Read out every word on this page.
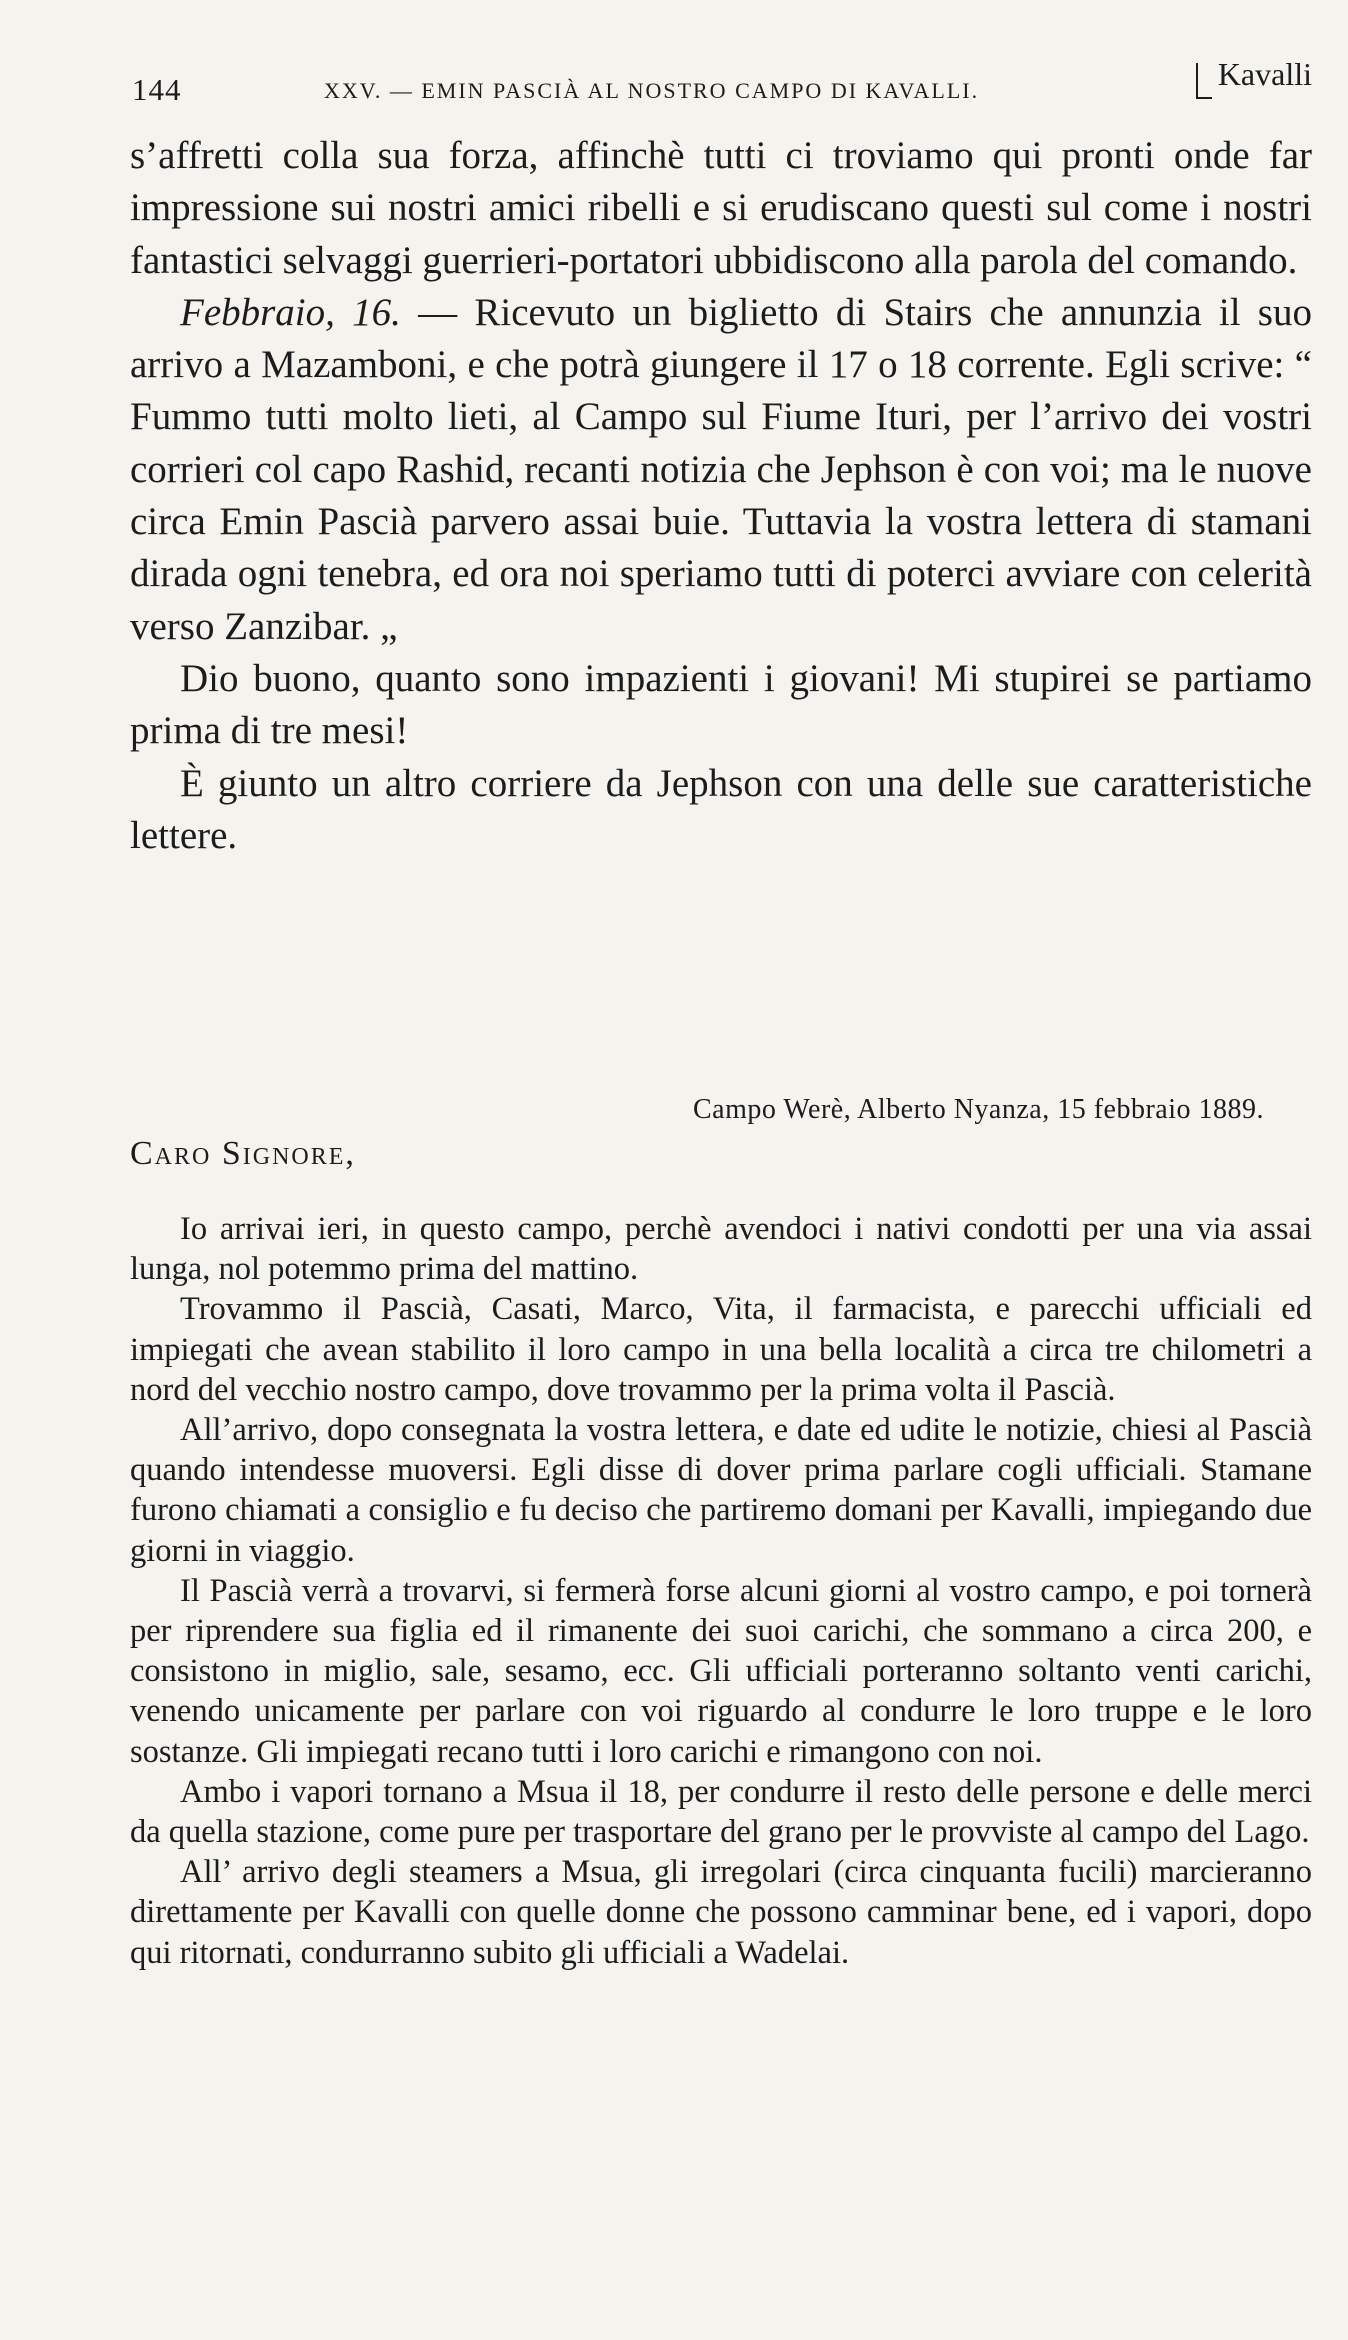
144	XXV. — EMIN PASCIÀ AL NOSTRO CAMPO DI KAVALLI.	Kavalli

s’affretti colla sua forza, affinchè tutti ci troviamo qui pronti onde far impressione sui nostri amici ribelli e si erudiscano questi sul come i nostri fantastici selvaggi guerrieri-portatori ubbidiscono alla parola del comando.

Febbraio, 16. — Ricevuto un biglietto di Stairs che annunzia il suo arrivo a Mazamboni, e che potrà giungere il 17 o 18 corrente. Egli scrive: “ Fummo tutti molto lieti, al Campo sul Fiume Ituri, per l’arrivo dei vostri corrieri col capo Rashid, recanti notizia che Jephson è con voi; ma le nuove circa Emin Pascià parvero assai buie. Tuttavia la vostra lettera di stamani dirada ogni tenebra, ed ora noi speriamo tutti di poterci avviare con celerità verso Zanzibar. „

Dio buono, quanto sono impazienti i giovani! Mi stupirei se partiamo prima di tre mesi!

È giunto un altro corriere da Jephson con una delle sue caratteristiche lettere.

Campo Werè, Alberto Nyanza, 15 febbraio 1889.
Caro Signore,

Io arrivai ieri, in questo campo, perchè avendoci i nativi condotti per una via assai lunga, nol potemmo prima del mattino.

Trovammo il Pascià, Casati, Marco, Vita, il farmacista, e parecchi ufficiali ed impiegati che avean stabilito il loro campo in una bella località a circa tre chilometri a nord del vecchio nostro campo, dove trovammo per la prima volta il Pascià.

All’arrivo, dopo consegnata la vostra lettera, e date ed udite le notizie, chiesi al Pascià quando intendesse muoversi. Egli disse di dover prima parlare cogli ufficiali. Stamane furono chiamati a consiglio e fu deciso che partiremo domani per Kavalli, impiegando due giorni in viaggio.

Il Pascià verrà a trovarvi, si fermerà forse alcuni giorni al vostro campo, e poi tornerà per riprendere sua figlia ed il rimanente dei suoi carichi, che sommano a circa 200, e consistono in miglio, sale, sesamo, ecc. Gli ufficiali porteranno soltanto venti carichi, venendo unicamente per parlare con voi riguardo al condurre le loro truppe e le loro sostanze. Gli impiegati recano tutti i loro carichi e rimangono con noi.

Ambo i vapori tornano a Msua il 18, per condurre il resto delle persone e delle merci da quella stazione, come pure per trasportare del grano per le provviste al campo del Lago.

All’ arrivo degli steamers a Msua, gli irregolari (circa cinquanta fucili) marcieranno direttamente per Kavalli con quelle donne che possono camminar bene, ed i vapori, dopo qui ritornati, condurranno subito gli ufficiali a Wadelai.
